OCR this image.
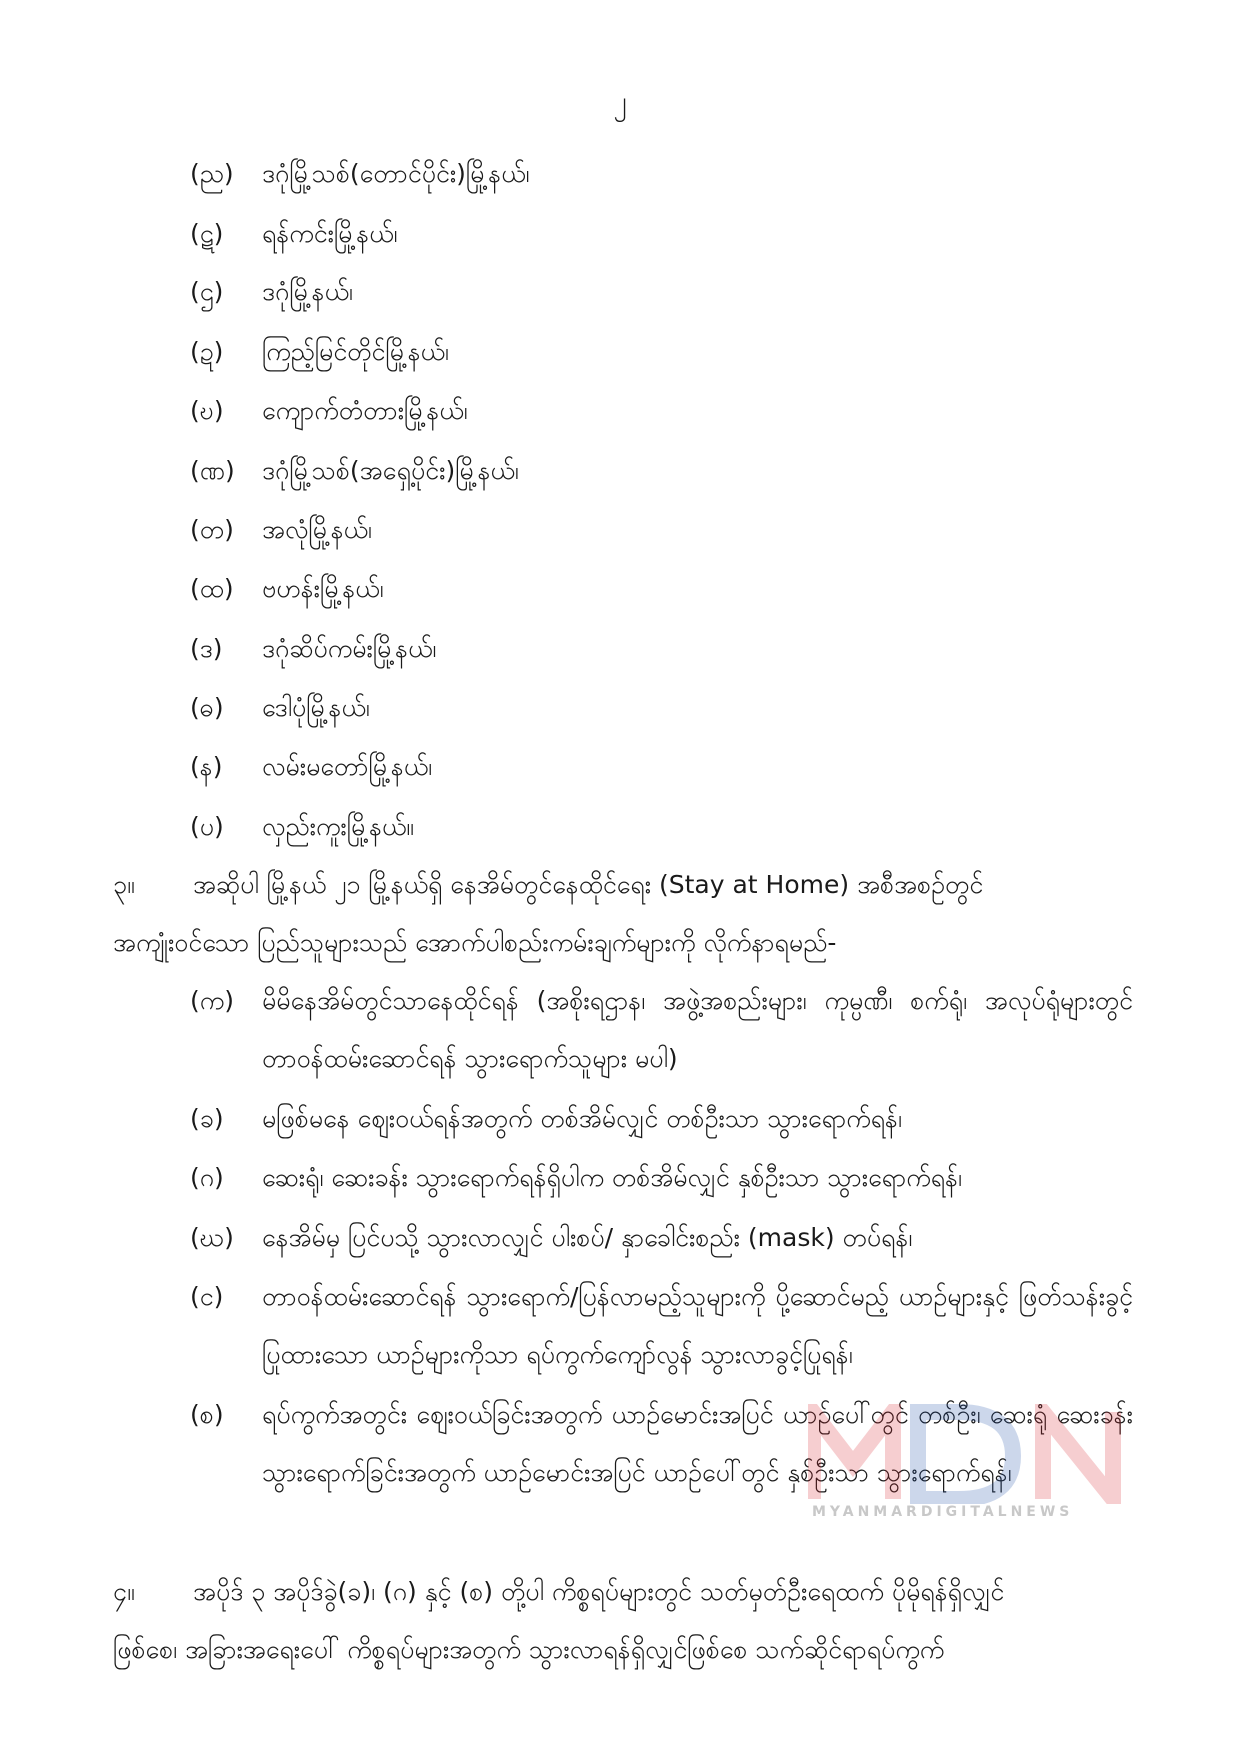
၂
(ည)	ဒဂုံမြို့သစ်(တောင်ပိုင်း)မြို့နယ်၊
(ဋ)	ရန်ကင်းမြို့နယ်၊
(ဌ)	ဒဂုံမြို့နယ်၊
(ဍ)	ကြည့်မြင်တိုင်မြို့နယ်၊
(ဎ)	ကျောက်တံတားမြို့နယ်၊
(ဏ)	ဒဂုံမြို့သစ်(အရှေ့ပိုင်း)မြို့နယ်၊
(တ)	အလုံမြို့နယ်၊
(ထ)	ဗဟန်းမြို့နယ်၊
(ဒ)	ဒဂုံဆိပ်ကမ်းမြို့နယ်၊
(ဓ)	ဒေါပုံမြို့နယ်၊
(န)	လမ်းမတော်မြို့နယ်၊
(ပ)	လှည်းကူးမြို့နယ်။
၃။ အဆိုပါ မြို့နယ် ၂၁ မြို့နယ်ရှိ နေအိမ်တွင်နေထိုင်ရေး (Stay at Home) အစီအစဉ်တွင်
အကျုံးဝင်သော ပြည်သူများသည် အောက်ပါစည်းကမ်းချက်များကို လိုက်နာရမည်-
(က)	မိမိနေအိမ်တွင်သာနေထိုင်ရန် (အစိုးရဌာန၊ အဖွဲ့အစည်းများ၊ ကုမ္ပဏီ၊ စက်ရုံ၊ အလုပ်ရုံများတွင် တာဝန်ထမ်းဆောင်ရန် သွားရောက်သူများ မပါ)
(ခ)	မဖြစ်မနေ ဈေးဝယ်ရန်အတွက် တစ်အိမ်လျှင် တစ်ဦးသာ သွားရောက်ရန်၊
(ဂ)	ဆေးရုံ၊ ဆေးခန်း သွားရောက်ရန်ရှိပါက တစ်အိမ်လျှင် နှစ်ဦးသာ သွားရောက်ရန်၊
(ဃ)	နေအိမ်မှ ပြင်ပသို့ သွားလာလျှင် ပါးစပ်/ နှာခေါင်းစည်း (mask) တပ်ရန်၊
(င)	တာဝန်ထမ်းဆောင်ရန် သွားရောက်/ပြန်လာမည့်သူများကို ပို့ဆောင်မည့် ယာဉ်များနှင့် ဖြတ်သန်းခွင့်ပြုထားသော ယာဉ်များကိုသာ ရပ်ကွက်ကျော်လွန် သွားလာခွင့်ပြုရန်၊
(စ)	ရပ်ကွက်အတွင်း ဈေးဝယ်ခြင်းအတွက် ယာဉ်မောင်းအပြင် ယာဉ်ပေါ်တွင် တစ်ဦး၊ ဆေးရုံ ဆေးခန်းသွားရောက်ခြင်းအတွက် ယာဉ်မောင်းအပြင် ယာဉ်ပေါ်တွင် နှစ်ဦးသာ သွားရောက်ရန်၊
၄။ အပိုဒ် ၃ အပိုဒ်ခွဲ(ခ)၊ (ဂ) နှင့် (စ) တို့ပါ ကိစ္စရပ်များတွင် သတ်မှတ်ဦးရေထက် ပိုမိုရန်ရှိလျှင်
ဖြစ်စေ၊ အခြားအရေးပေါ် ကိစ္စရပ်များအတွက် သွားလာရန်ရှိလျှင်ဖြစ်စေ သက်ဆိုင်ရာရပ်ကွက်
MYANMARDIGITALNEWS
